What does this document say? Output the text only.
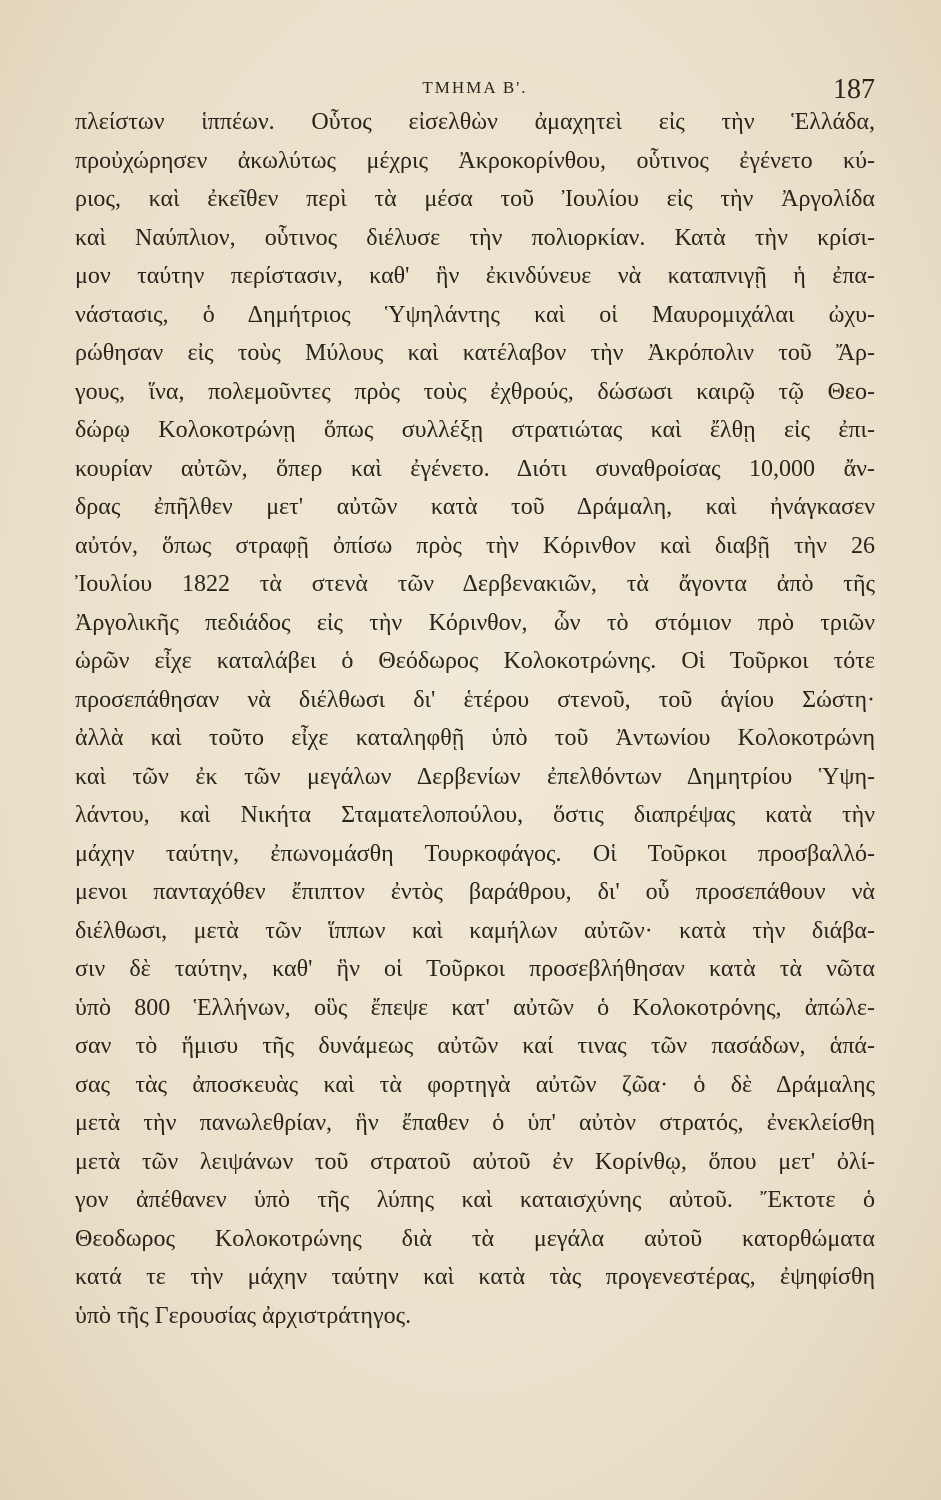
ΤΜΗΜΑ Β'.	187
πλείστων ἱππέων. Οὗτος εἰσελθὼν ἀμαχητεὶ εἰς τὴν Ἑλλάδα,
προὐχώρησεν ἀκωλύτως μέχρις Ἀκροκορίνθου, οὗτινος ἐγένετο κύ-
ριος, καὶ ἐκεῖθεν περὶ τὰ μέσα τοῦ Ἰουλίου εἰς τὴν Ἀργολίδα
καὶ Ναύπλιον, οὗτινος διέλυσε τὴν πολιορκίαν. Κατὰ τὴν κρίσι-
μον ταύτην περίστασιν, καθ' ἣν ἐκινδύνευε νὰ καταπνιγῇ ἡ ἐπα-
νάστασις, ὁ Δημήτριος Ὑψηλάντης καὶ οἱ Μαυρομιχάλαι ὠχυ-
ρώθησαν εἰς τοὺς Μύλους καὶ κατέλαβον τὴν Ἀκρόπολιν τοῦ Ἄρ-
γους, ἵνα, πολεμοῦντες πρὸς τοὺς ἐχθρούς, δώσωσι καιρῷ τῷ Θεο-
δώρῳ Κολοκοτρώνῃ ὅπως συλλέξῃ στρατιώτας καὶ ἔλθῃ εἰς ἐπι-
κουρίαν αὐτῶν, ὅπερ καὶ ἐγένετο. Διότι συναθροίσας 10,000 ἄν-
δρας ἐπῆλθεν μετ' αὐτῶν κατὰ τοῦ Δράμαλη, καὶ ἠνάγκασεν
αὐτόν, ὅπως στραφῇ ὀπίσω πρὸς τὴν Κόρινθον καὶ διαβῇ τὴν 26
Ἰουλίου 1822 τὰ στενὰ τῶν Δερβενακιῶν, τὰ ἄγοντα ἀπὸ τῆς
Ἀργολικῆς πεδιάδος εἰς τὴν Κόρινθον, ὧν τὸ στόμιον πρὸ τριῶν
ὡρῶν εἶχε καταλάβει ὁ Θεόδωρος Κολοκοτρώνης. Οἱ Τοῦρκοι τότε
προσεπάθησαν νὰ διέλθωσι δι' ἑτέρου στενοῦ, τοῦ ἁγίου Σώστη·
ἀλλὰ καὶ τοῦτο εἶχε καταληφθῇ ὑπὸ τοῦ Ἀντωνίου Κολοκοτρώνη
καὶ τῶν ἐκ τῶν μεγάλων Δερβενίων ἐπελθόντων Δημητρίου Ὑψη-
λάντου, καὶ Νικήτα Σταματελοπούλου, ὅστις διαπρέψας κατὰ τὴν
μάχην ταύτην, ἐπωνομάσθη Τουρκοφάγος. Οἱ Τοῦρκοι προσβαλλό-
μενοι πανταχόθεν ἔπιπτον ἐντὸς βαράθρου, δι' οὗ προσεπάθουν νὰ
διέλθωσι, μετὰ τῶν ἵππων καὶ καμήλων αὐτῶν· κατὰ τὴν διάβα-
σιν δὲ ταύτην, καθ' ἣν οἱ Τοῦρκοι προσεβλήθησαν κατὰ τὰ νῶτα
ὑπὸ 800 Ἑλλήνων, οὓς ἔπεψε κατ' αὐτῶν ὁ Κολοκοτρόνης, ἀπώλε-
σαν τὸ ἥμισυ τῆς δυνάμεως αὐτῶν καί τινας τῶν πασάδων, ἁπά-
σας τὰς ἀποσκευὰς καὶ τὰ φορτηγὰ αὐτῶν ζῶα· ὁ δὲ Δράμαλης
μετὰ τὴν πανωλεθρίαν, ἣν ἔπαθεν ὁ ὑπ' αὐτὸν στρατός, ἐνεκλείσθη
μετὰ τῶν λειψάνων τοῦ στρατοῦ αὐτοῦ ἐν Κορίνθῳ, ὅπου μετ' ὀλί-
γον ἀπέθανεν ὑπὸ τῆς λύπης καὶ καταισχύνης αὐτοῦ. Ἔκτοτε ὁ
Θεοδωρος Κολοκοτρώνης διὰ τὰ μεγάλα αὐτοῦ κατορθώματα
κατά τε τὴν μάχην ταύτην καὶ κατὰ τὰς προγενεστέρας, ἐψηφίσθη
ὑπὸ τῆς Γερουσίας ἀρχιστράτηγος.
